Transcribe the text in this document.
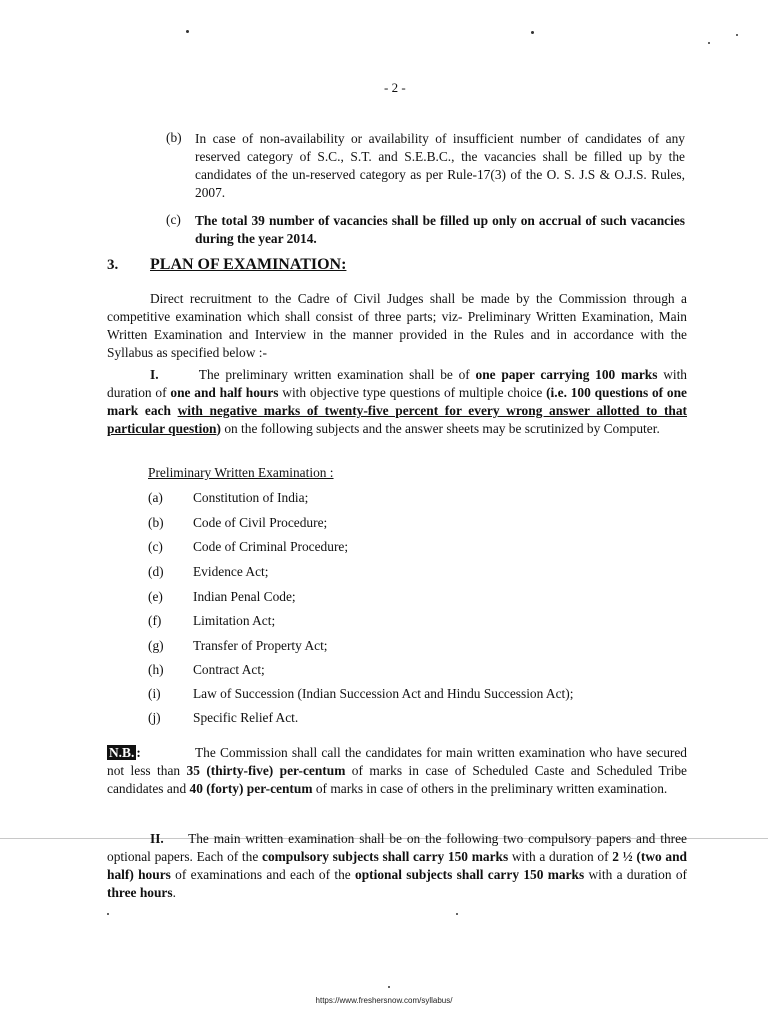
- 2 -
(b) In case of non-availability or availability of insufficient number of candidates of any reserved category of S.C., S.T. and S.E.B.C., the vacancies shall be filled up by the candidates of the un-reserved category as per Rule-17(3) of the O. S. J.S & O.J.S. Rules, 2007.
(c) The total 39 number of vacancies shall be filled up only on accrual of such vacancies during the year 2014.
3. PLAN OF EXAMINATION:
Direct recruitment to the Cadre of Civil Judges shall be made by the Commission through a competitive examination which shall consist of three parts; viz- Preliminary Written Examination, Main Written Examination and Interview in the manner provided in the Rules and in accordance with the Syllabus as specified below :-
I.	The preliminary written examination shall be of one paper carrying 100 marks with duration of one and half hours with objective type questions of multiple choice (i.e. 100 questions of one mark each with negative marks of twenty-five percent for every wrong answer allotted to that particular question) on the following subjects and the answer sheets may be scrutinized by Computer.
Preliminary Written Examination :
(a)	Constitution of India;
(b)	Code of Civil Procedure;
(c)	Code of Criminal Procedure;
(d)	Evidence Act;
(e)	Indian Penal Code;
(f)	Limitation Act;
(g)	Transfer of Property Act;
(h)	Contract Act;
(i)	Law of Succession (Indian Succession Act and Hindu Succession Act);
(j)	Specific Relief Act.
N.B. :	The Commission shall call the candidates for main written examination who have secured not less than 35 (thirty-five) per-centum of marks in case of Scheduled Caste and Scheduled Tribe candidates and 40 (forty) per-centum of marks in case of others in the preliminary written examination.
II. The main written examination shall be on the following two compulsory papers and three optional papers. Each of the compulsory subjects shall carry 150 marks with a duration of 2 ½ (two and half) hours of examinations and each of the optional subjects shall carry 150 marks with a duration of three hours.
https://www.freshersnow.com/syllabus/
